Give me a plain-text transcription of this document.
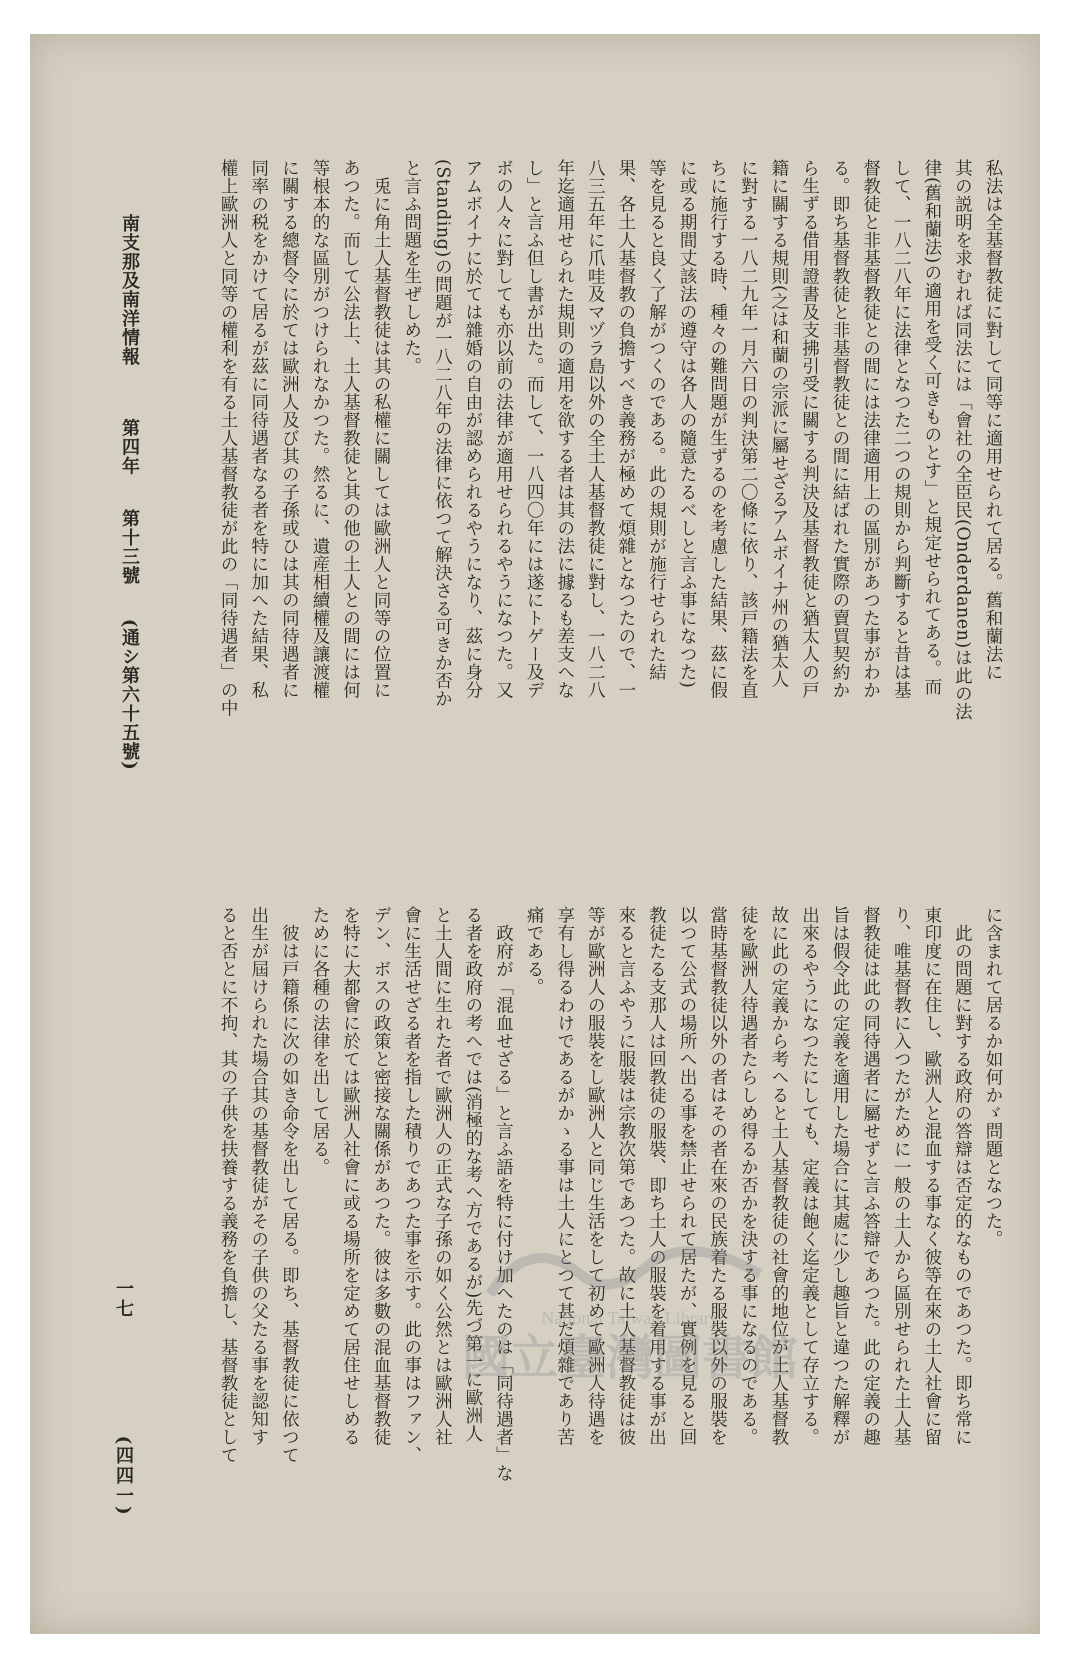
南支那及南洋情報 　　 第四年 　 第十三號 　 (通シ第六十五號)
一七 　　　　　 (四四一)
私法は全基督教徒に對して同等に適用せられて居る。舊和蘭法に
其の説明を求むれば同法には「會社の全臣民(Onderdanen)は此の法
律(舊和蘭法)の適用を受く可きものとす」と規定せられてある。而
して、一八二八年に法律となつた二つの規則から判斷すると昔は基
督教徒と非基督教徒との間には法律適用上の區別があつた事がわか
る。即ち基督教徒と非基督教徒との間に結ばれた實際の賣買契約か
ら生ずる借用證書及支拂引受に關する判決及基督教徒と猶太人の戸
籍に關する規則(之は和蘭の宗派に屬せざるアムボイナ州の猶太人
に對する一八二九年一月六日の判決第二〇條に依り、該戸籍法を直
ちに施行する時、種々の難問題が生ずるのを考慮した結果、茲に假
に或る期間丈該法の遵守は各人の隨意たるべしと言ふ事になつた)
等を見ると良く了解がつくのである。此の規則が施行せられた結
果、各土人基督教の負擔すべき義務が極めて煩雜となつたので、一
八三五年に爪哇及マヅラ島以外の全土人基督教徒に對し、一八二八
年迄適用せられた規則の適用を欲する者は其の法に據るも差支へな
し」と言ふ但し書が出た。而して、一八四〇年には遂にトゲー及デ
ボの人々に對しても亦以前の法律が適用せられるやうになつた。又
アムボイナに於ては雜婚の自由が認められるやうになり、茲に身分
(Standing)の問題が一八二八年の法律に依つて解決さる可きか否か
と言ふ問題を生ぜしめた。
　兎に角土人基督教徒は其の私權に關しては歐洲人と同等の位置に
あつた。而して公法上、土人基督教徒と其の他の土人との間には何
等根本的な區別がつけられなかつた。然るに、遺産相續權及讓渡權
に關する總督令に於ては歐洲人及び其の子孫或ひは其の同待遇者に
同率の税をかけて居るが茲に同待遇者なる者を特に加へた結果、私
權上歐洲人と同等の權利を有る土人基督教徒が此の「同待遇者」の中
に含まれて居るか如何かゞ問題となつた。
　此の問題に對する政府の答辯は否定的なものであつた。即ち常に
東印度に在住し、歐洲人と混血する事なく彼等在來の土人社會に留
り、唯基督教に入つたがために一般の土人から區別せられた土人基
督教徒は此の同待遇者に屬せずと言ふ答辯であつた。此の定義の趣
旨は假令此の定義を適用した場合に其處に少し趣旨と違つた解釋が
出來るやうになつたにしても、定義は飽く迄定義として存立する。
故に此の定義から考へると土人基督教徒の社會的地位が土人基督教
徒を歐洲人待遇者たらしめ得るか否かを決する事になるのである。
當時基督教徒以外の者はその者在來の民族着たる服裝以外の服裝を
以つて公式の場所へ出る事を禁止せられて居たが、實例を見ると回
教徒たる支那人は回教徒の服裝、即ち土人の服裝を着用する事が出
來ると言ふやうに服裝は宗教次第であつた。故に土人基督教徒は彼
等が歐洲人の服裝をし歐洲人と同じ生活をして初めて歐洲人待遇を
享有し得るわけであるがかゝる事は土人にとつて甚だ煩雜であり苦
痛である。
　政府が「混血せざる」と言ふ語を特に付け加へたのは「同待遇者」な
る者を政府の考へでは(消極的な考へ方であるが)先づ第一に歐洲人
と土人間に生れた者で歐洲人の正式な子孫の如く公然とは歐洲人社
會に生活せざる者を指した積りであつた事を示す。此の事はファン、
デン、ボスの政策と密接な關係があつた。彼は多數の混血基督教徒
を特に大都會に於ては歐洲人社會に或る場所を定めて居住せしめる
ために各種の法律を出して居る。
　彼は戸籍係に次の如き命令を出して居る。即ち、基督教徒に依つて
出生が屆けられた場合其の基督教徒がその子供の父たる事を認知す
ると否とに不拘、其の子供を扶養する義務を負擔し、基督教徒として	國立臺灣圖書館
National Taiwan Library
